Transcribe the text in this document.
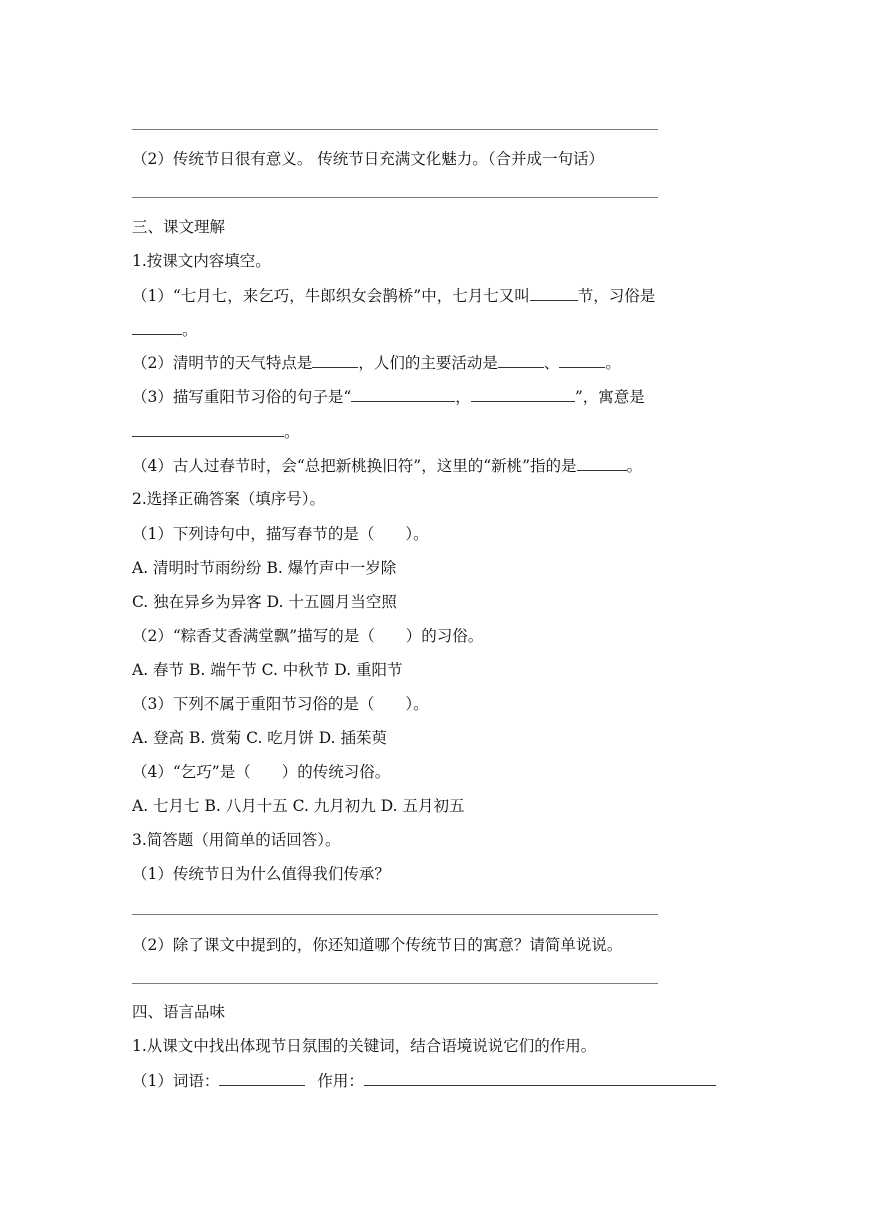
（2）传统节日很有意义。 传统节日充满文化魅力。（合并成一句话）
三、课文理解
1.按课文内容填空。
（1）“七月七，来乞巧，牛郎织女会鹊桥”中，七月七又叫	节，习俗是
。
（2）清明节的天气特点是	，人们的主要活动是	、	。
（3）描写重阳节习俗的句子是“	，	”，寓意是
。
（4）古人过春节时，会“总把新桃换旧符”，这里的“新桃”指的是	。
2.选择正确答案（填序号）。
（1）下列诗句中，描写春节的是（　　）。
A. 清明时节雨纷纷 B. 爆竹声中一岁除
C. 独在异乡为异客 D. 十五圆月当空照
（2）“粽香艾香满堂飘”描写的是（　　）的习俗。
A. 春节 B. 端午节 C. 中秋节 D. 重阳节
（3）下列不属于重阳节习俗的是（　　）。
A. 登高 B. 赏菊 C. 吃月饼 D. 插茱萸
（4）“乞巧”是（　　）的传统习俗。
A. 七月七 B. 八月十五 C. 九月初九 D. 五月初五
3.简答题（用简单的话回答）。
（1）传统节日为什么值得我们传承？
（2）除了课文中提到的，你还知道哪个传统节日的寓意？请简单说说。
四、语言品味
1.从课文中找出体现节日氛围的关键词，结合语境说说它们的作用。
（1）词语：	作用：
